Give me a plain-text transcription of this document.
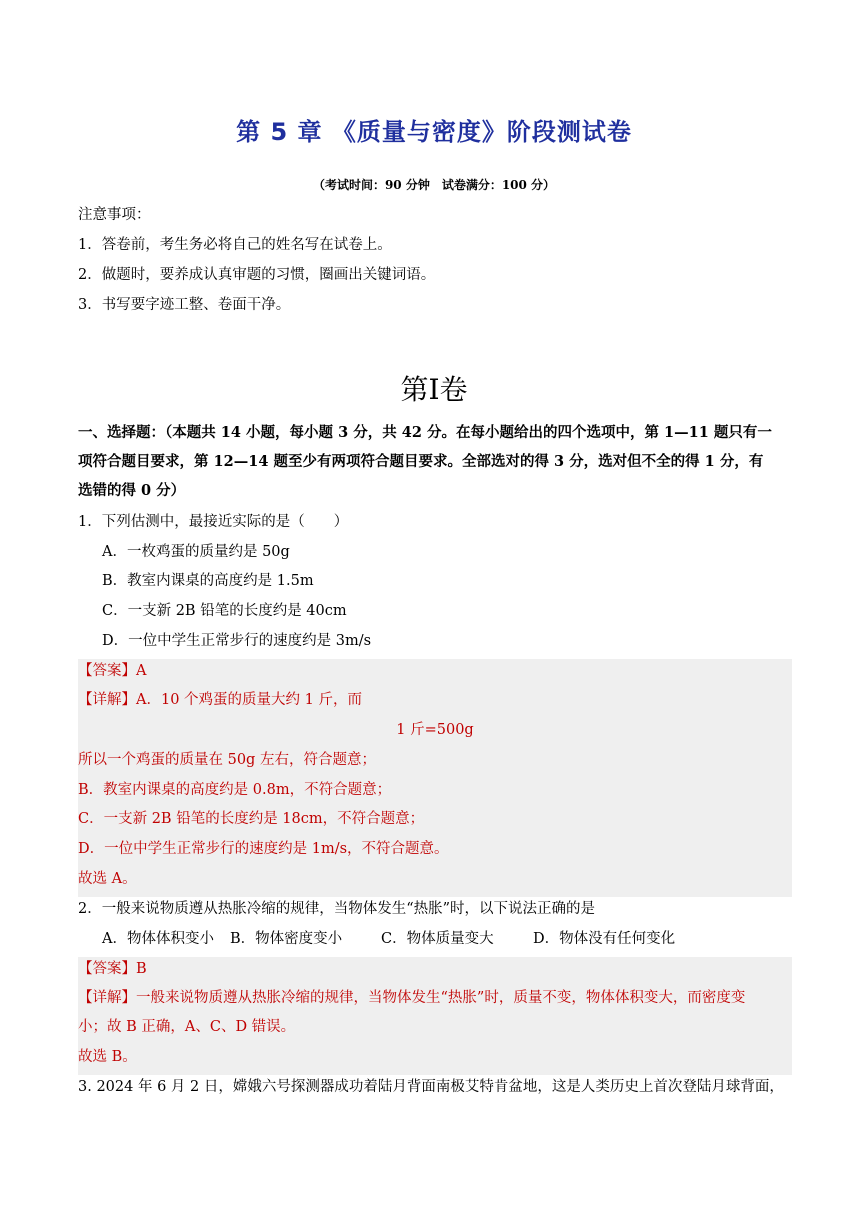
第 5 章 《质量与密度》阶段测试卷
（考试时间：90 分钟　试卷满分：100 分）
注意事项：
1．答卷前，考生务必将自己的姓名写在试卷上。
2．做题时，要养成认真审题的习惯，圈画出关键词语。
3．书写要字迹工整、卷面干净。
第I卷
一、选择题：（本题共 14 小题，每小题 3 分，共 42 分。在每小题给出的四个选项中，第 1—11 题只有一
项符合题目要求，第 12—14 题至少有两项符合题目要求。全部选对的得 3 分，选对但不全的得 1 分，有
选错的得 0 分）
1．下列估测中，最接近实际的是（　　）
A．一枚鸡蛋的质量约是 50g
B．教室内课桌的高度约是 1.5m
C．一支新 2B 铅笔的长度约是 40cm
D．一位中学生正常步行的速度约是 3m/s
【答案】A
【详解】A．10 个鸡蛋的质量大约 1 斤，而
1 斤=500g
所以一个鸡蛋的质量在 50g 左右，符合题意；
B．教室内课桌的高度约是 0.8m，不符合题意；
C．一支新 2B 铅笔的长度约是 18cm，不符合题意；
D．一位中学生正常步行的速度约是 1m/s，不符合题意。
故选 A。
2．一般来说物质遵从热胀冷缩的规律，当物体发生“热胀”时，以下说法正确的是
A．物体体积变小 B．物体密度变小	C．物体质量变大	D．物体没有任何变化
【答案】B
【详解】一般来说物质遵从热胀冷缩的规律，当物体发生“热胀”时，质量不变，物体体积变大，而密度变
小；故 B 正确，A、C、D 错误。
故选 B。
3. 2024 年 6 月 2 日，嫦娥六号探测器成功着陆月背面南极艾特肯盆地，这是人类历史上首次登陆月球背面，
